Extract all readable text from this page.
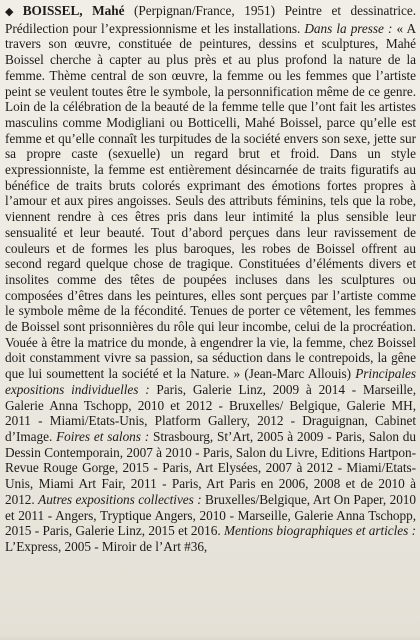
◆ BOISSEL, Mahé (Perpignan/France, 1951) Peintre et dessinatrice. Prédilection pour l’expressionnisme et les installations. Dans la presse : « A travers son œuvre, constituée de peintures, dessins et sculptures, Mahé Boissel cherche à capter au plus près et au plus profond la nature de la femme. Thème central de son œuvre, la femme ou les femmes que l’artiste peint se veulent toutes être le symbole, la personnification même de ce genre. Loin de la célébration de la beauté de la femme telle que l’ont fait les artistes masculins comme Modigliani ou Botticelli, Mahé Boissel, parce qu’elle est femme et qu’elle connaît les turpitudes de la société envers son sexe, jette sur sa propre caste (sexuelle) un regard brut et froid. Dans un style expressionniste, la femme est entièrement désincarnée de traits figuratifs au bénéfice de traits bruts colorés exprimant des émotions fortes propres à l’amour et aux pires angoisses. Seuls des attributs féminins, tels que la robe, viennent rendre à ces êtres pris dans leur intimité la plus sensible leur sensualité et leur beauté. Tout d’abord perçues dans leur ravissement de couleurs et de formes les plus baroques, les robes de Boissel offrent au second regard quelque chose de tragique. Constituées d’éléments divers et insolites comme des têtes de poupées incluses dans les sculptures ou composées d’êtres dans les peintures, elles sont perçues par l’artiste comme le symbole même de la fécondité. Tenues de porter ce vêtement, les femmes de Boissel sont prisonnières du rôle qui leur incombe, celui de la procréation. Vouée à être la matrice du monde, à engendrer la vie, la femme, chez Boissel doit constamment vivre sa passion, sa séduction dans le contrepoids, la gêne que lui soumettent la société et la Nature. » (Jean-Marc Allouis) Principales expositions individuelles : Paris, Galerie Linz, 2009 à 2014 - Marseille, Galerie Anna Tschopp, 2010 et 2012 - Bruxelles/ Belgique, Galerie MH, 2011 - Miami/Etats-Unis, Platform Gallery, 2012 - Draguignan, Cabinet d’Image. Foires et salons : Strasbourg, St’Art, 2005 à 2009 - Paris, Salon du Dessin Contemporain, 2007 à 2010 - Paris, Salon du Livre, Editions Hartpon-Revue Rouge Gorge, 2015 - Paris, Art Elysées, 2007 à 2012 - Miami/Etats-Unis, Miami Art Fair, 2011 - Paris, Art Paris en 2006, 2008 et de 2010 à 2012. Autres expositions collectives : Bruxelles/Belgique, Art On Paper, 2010 et 2011 - Angers, Tryptique Angers, 2010 - Marseille, Galerie Anna Tschopp, 2015 - Paris, Galerie Linz, 2015 et 2016. Mentions biographiques et articles : L’Express, 2005 - Miroir de l’Art #36,
